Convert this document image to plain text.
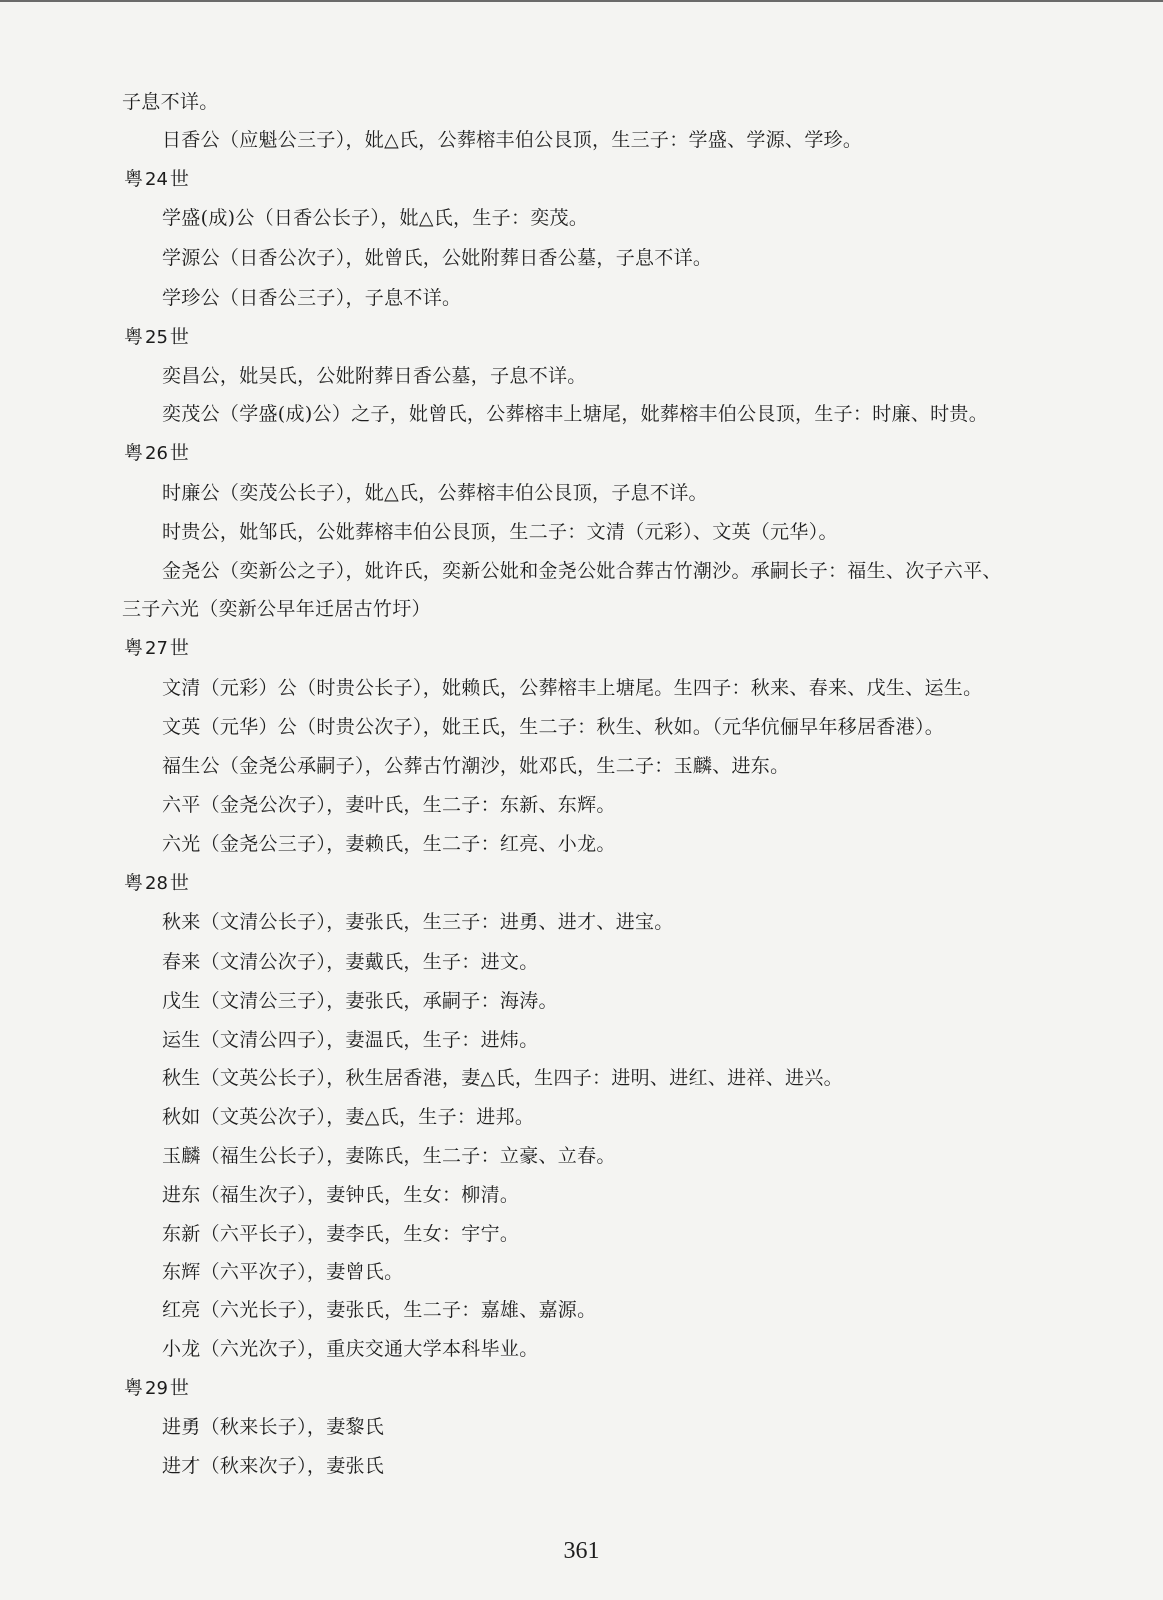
子息不详。
日香公（应魁公三子），妣△氏，公葬榕丰伯公艮顶，生三子：学盛、学源、学珍。
粤 24 世
学盛(成)公（日香公长子），妣△氏，生子：奕茂。
学源公（日香公次子），妣曾氏，公妣附葬日香公墓，子息不详。
学珍公（日香公三子），子息不详。
粤 25 世
奕昌公，妣吴氏，公妣附葬日香公墓，子息不详。
奕茂公（学盛(成)公）之子，妣曾氏，公葬榕丰上塘尾，妣葬榕丰伯公艮顶，生子：时廉、时贵。
粤 26 世
时廉公（奕茂公长子），妣△氏，公葬榕丰伯公艮顶，子息不详。
时贵公，妣邹氏，公妣葬榕丰伯公艮顶，生二子：文清（元彩）、文英（元华）。
金尧公（奕新公之子），妣许氏，奕新公妣和金尧公妣合葬古竹潮沙。承嗣长子：福生、次子六平、
三子六光（奕新公早年迁居古竹圩）
粤 27 世
文清（元彩）公（时贵公长子），妣赖氏，公葬榕丰上塘尾。生四子：秋来、春来、戊生、运生。
文英（元华）公（时贵公次子），妣王氏，生二子：秋生、秋如。（元华伉俪早年移居香港）。
福生公（金尧公承嗣子），公葬古竹潮沙，妣邓氏，生二子：玉麟、进东。
六平（金尧公次子），妻叶氏，生二子：东新、东辉。
六光（金尧公三子），妻赖氏，生二子：红亮、小龙。
粤 28 世
秋来（文清公长子），妻张氏，生三子：进勇、进才、进宝。
春来（文清公次子），妻戴氏，生子：进文。
戊生（文清公三子），妻张氏，承嗣子：海涛。
运生（文清公四子），妻温氏，生子：进炜。
秋生（文英公长子），秋生居香港，妻△氏，生四子：进明、进红、进祥、进兴。
秋如（文英公次子），妻△氏，生子：进邦。
玉麟（福生公长子），妻陈氏，生二子：立豪、立春。
进东（福生次子），妻钟氏，生女：柳清。
东新（六平长子），妻李氏，生女：宇宁。
东辉（六平次子），妻曾氏。
红亮（六光长子），妻张氏，生二子：嘉雄、嘉源。
小龙（六光次子），重庆交通大学本科毕业。
粤 29 世
进勇（秋来长子），妻黎氏
进才（秋来次子），妻张氏
361
